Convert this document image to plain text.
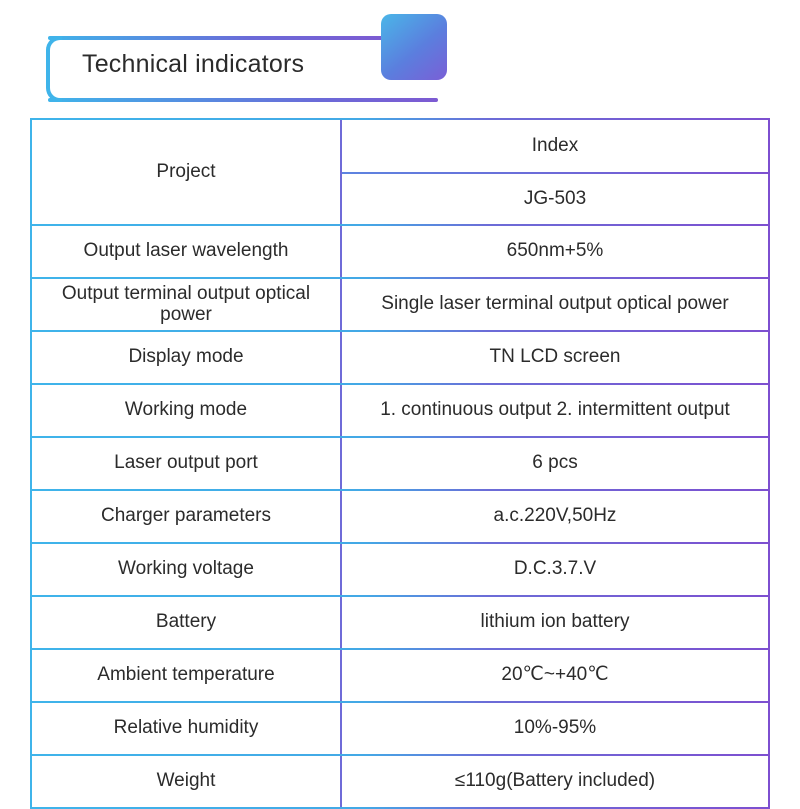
Technical indicators
Project
Index
JG-503
Output laser wavelength	650nm+5%
Output terminal output optical power	Single laser terminal output optical power
Display mode	TN LCD screen
Working mode	1. continuous output 2. intermittent output
Laser output port	6 pcs
Charger parameters	a.c.220V,50Hz
Working voltage	D.C.3.7.V
Battery	lithium ion battery
Ambient temperature	20℃~+40℃
Relative humidity	10%-95%
Weight	≤110g(Battery included)
